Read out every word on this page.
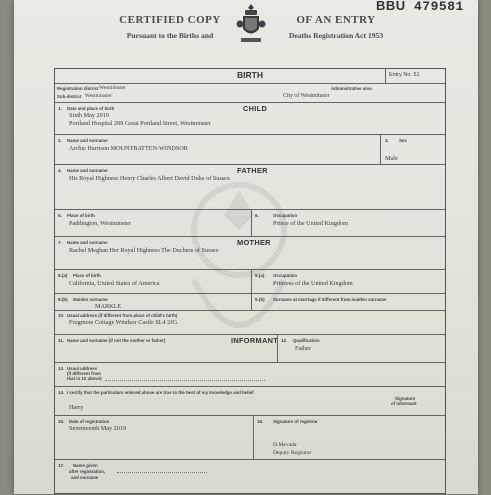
CERTIFIED COPY
Pursuant to the Births and
OF AN ENTRY
Deaths Registration Act 1953
BBU 479581
BIRTH	Entry No. 51
Registration district Westminster
Sub-district Westminster
Administrative area
City of Westminster
CHILD
1. Date and place of birth
Sixth May 2019
Portland Hospital 209 Great Portland Street, Westminster
2. Name and surname
Archie Harrison MOUNTBATTEN-WINDSOR
3. Sex
Male
FATHER
4. Name and surname
His Royal Highness Henry Charles Albert David Duke of Sussex
5. Place of birth
Paddington, Westminster
6.	Occupation
Prince of the United Kingdom
MOTHER
7. Name and surname
Rachel Meghan Her Royal Highness The Duchess of Sussex
8.(a) Place of birth
California, United States of America
9.(a) Occupation
Princess of the United Kingdom
8.(b) Maiden surname
MARKLE
9.(b) Surname at marriage if different from maiden surname
10. Usual address (if different from place of child's birth)
Frogmore Cottage Windsor Castle SL4 2JG
11. Name and surname (if not the mother or father)	INFORMANT 12. Qualification
Father
13. Usual address
(if different from
that in 10 above)
14. I certify that the particulars entered above are true to the best of my knowledge and belief
Harry
Signature
of informant
15. Date of registration
Seventeenth May 2019
16. Signature of registrar
D.Mevada
Deputy Registrar
17. Name given
after registration,
and surname
